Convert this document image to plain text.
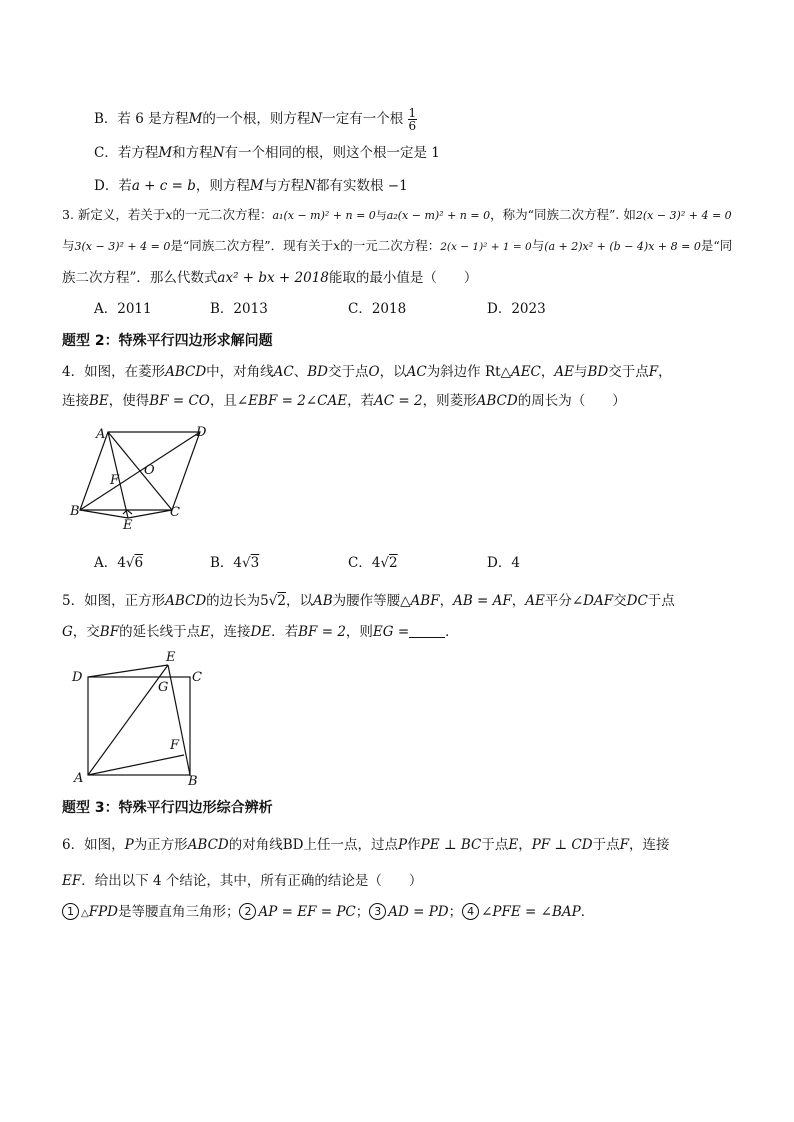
B．若 6 是方程M的一个根，则方程N一定有一个根 $\frac{1}{6}$
C．若方程M和方程N有一个相同的根，则这个根一定是 1
D．若a + c = b，则方程M与方程N都有实数根 −1
3. 新定义，若关于x的一元二次方程：a₁(x − m)² + n = 0与a₂(x − m)² + n = 0，称为“同族二次方程”. 如2(x − 3)² + 4 = 0
与3(x − 3)² + 4 = 0是“同族二次方程”．现有关于x的一元二次方程：2(x − 1)² + 1 = 0与(a + 2)x² + (b − 4)x + 8 = 0是“同
族二次方程”．那么代数式ax² + bx + 2018能取的最小值是（　　）
A．2011	B．2013	C．2018	D．2023
题型 2：特殊平行四边形求解问题
4．如图，在菱形ABCD中，对角线AC、BD交于点O，以AC为斜边作 Rt△AEC，AE与BD交于点F，
连接BE，使得BF = CO，且∠EBF = 2∠CAE，若AC = 2，则菱形ABCD的周长为（　　）
A	D
O
F
B	C
E
A．4√6	B．4√3	C．4√2	D．4
5．如图，正方形ABCD的边长为5√2，以AB为腰作等腰△ABF，AB = AF，AE平分∠DAF交DC于点
G，交BF的延长线于点E，连接DE．若BF = 2，则EG =	．
E
D
G
C
F
A	B
题型 3：特殊平行四边形综合辨析
6．如图，P为正方形ABCD的对角线BD上任一点，过点P作PE ⊥ BC于点E，PF ⊥ CD于点F，连接
EF．给出以下 4 个结论，其中，所有正确的结论是（　　）
1 △FPD是等腰直角三角形； 2 AP = EF = PC； 3 AD = PD； 4 ∠PFE = ∠BAP．
